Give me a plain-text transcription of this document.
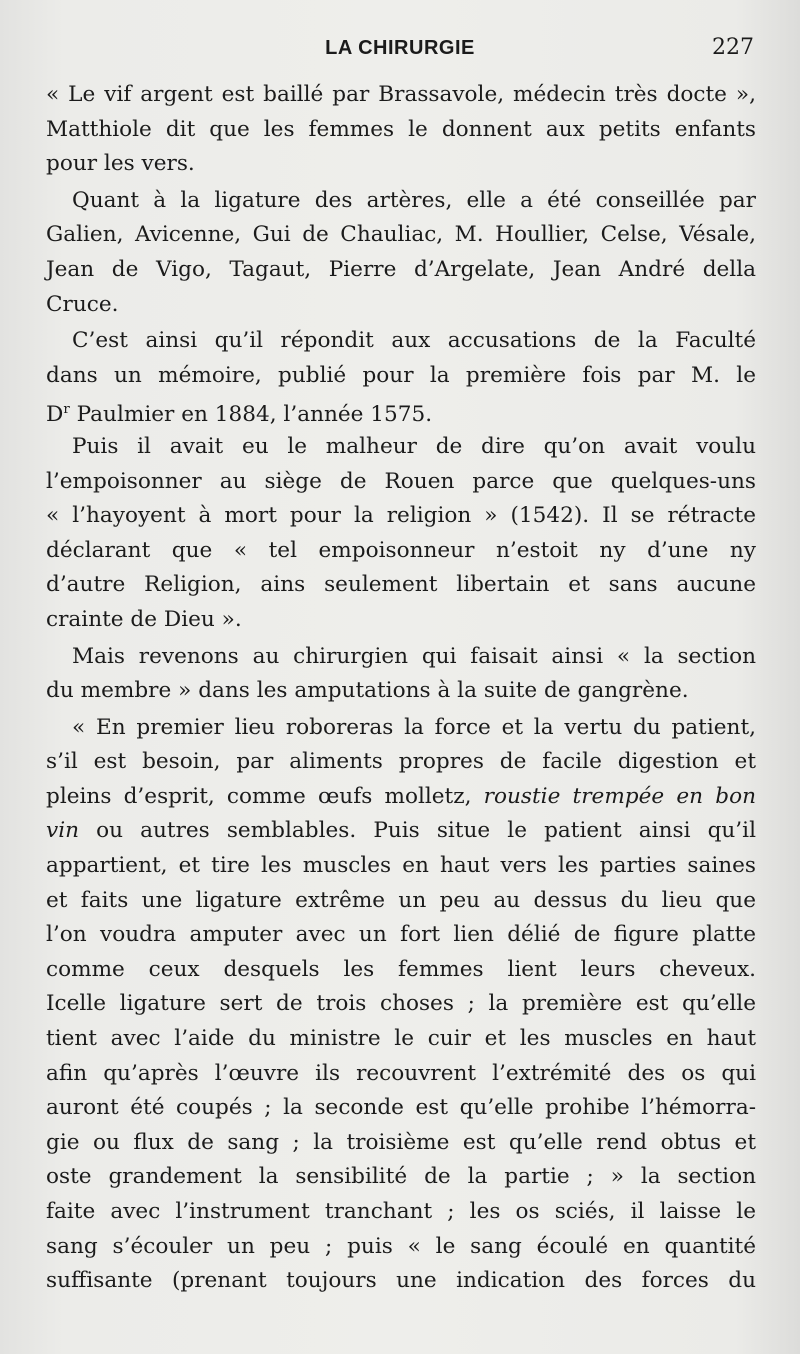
LA CHIRURGIE	227
« Le vif argent est baillé par Brassavole, médecin très docte »,
Matthiole dit que les femmes le donnent aux petits enfants
pour les vers.
Quant à la ligature des artères, elle a été conseillée par
Galien, Avicenne, Gui de Chauliac, M. Houllier, Celse, Vésale,
Jean de Vigo, Tagaut, Pierre d’Argelate, Jean André della
Cruce.
C’est ainsi qu’il répondit aux accusations de la Faculté
dans un mémoire, publié pour la première fois par M. le
$D^r$ Paulmier en 1884, l’année 1575.
Puis il avait eu le malheur de dire qu’on avait voulu
l’empoisonner au siège de Rouen parce que quelques-uns
« l’hayoyent à mort pour la religion » (1542). Il se rétracte
déclarant que « tel empoisonneur n’estoit ny d’une ny
d’autre Religion, ains seulement libertain et sans aucune
crainte de Dieu ».
Mais revenons au chirurgien qui faisait ainsi « la section
du membre » dans les amputations à la suite de gangrène.
« En premier lieu roboreras la force et la vertu du patient,
s’il est besoin, par aliments propres de facile digestion et
pleins d’esprit, comme œufs molletz, roustie trempée en bon
vin ou autres semblables. Puis situe le patient ainsi qu’il
appartient, et tire les muscles en haut vers les parties saines
et faits une ligature extrême un peu au dessus du lieu que
l’on voudra amputer avec un fort lien délié de figure platte
comme ceux desquels les femmes lient leurs cheveux.
Icelle ligature sert de trois choses ; la première est qu’elle
tient avec l’aide du ministre le cuir et les muscles en haut
afin qu’après l’œuvre ils recouvrent l’extrémité des os qui
auront été coupés ; la seconde est qu’elle prohibe l’hémorra-
gie ou flux de sang ; la troisième est qu’elle rend obtus et
oste grandement la sensibilité de la partie ; » la section
faite avec l’instrument tranchant ; les os sciés, il laisse le
sang s’écouler un peu ; puis « le sang écoulé en quantité
suffisante (prenant toujours une indication des forces du
